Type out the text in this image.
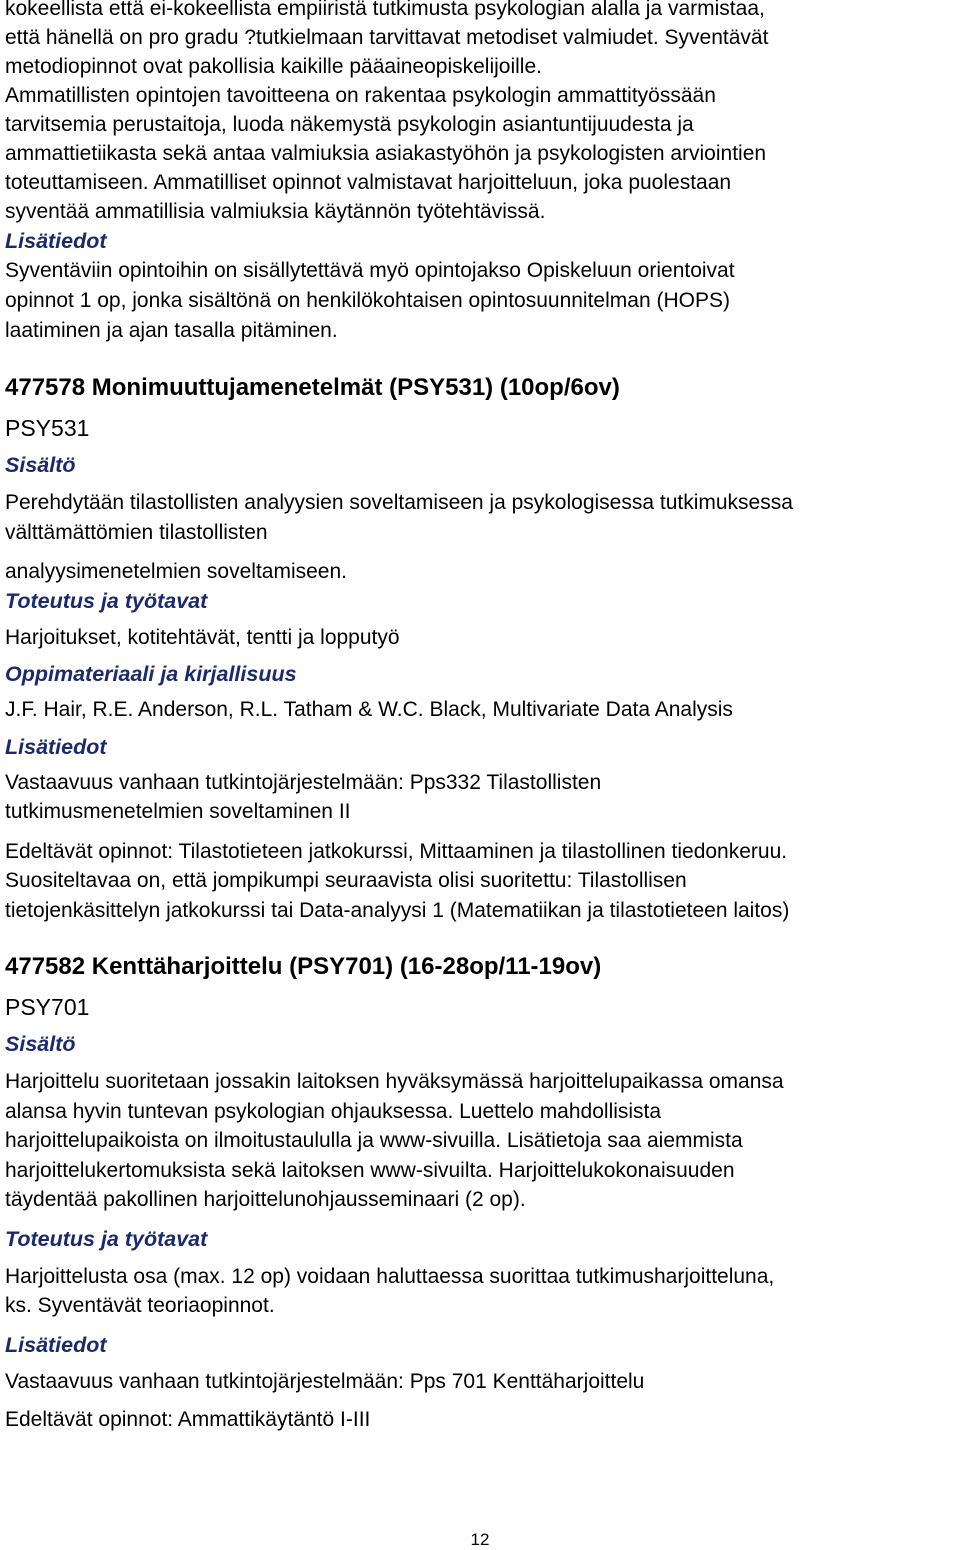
kokeellista että ei-kokeellista empiiristä tutkimusta psykologian alalla ja varmistaa,
että hänellä on pro gradu ?tutkielmaan tarvittavat metodiset valmiudet. Syventävät
metodiopinnot ovat pakollisia kaikille pääaineopiskelijoille.
Ammatillisten opintojen tavoitteena on rakentaa psykologin ammattityössään
tarvitsemia perustaitoja, luoda näkemystä psykologin asiantuntijuudesta ja
ammattietiikasta sekä antaa valmiuksia asiakastyöhön ja psykologisten arviointien
toteuttamiseen. Ammatilliset opinnot valmistavat harjoitteluun, joka puolestaan
syventää ammatillisia valmiuksia käytännön työtehtävissä.
Lisätiedot
Syventäviin opintoihin on sisällytettävä myö opintojakso Opiskeluun orientoivat
opinnot 1 op, jonka sisältönä on henkilökohtaisen opintosuunnitelman (HOPS)
laatiminen ja ajan tasalla pitäminen.
477578 Monimuuttujamenetelmät (PSY531) (10op/6ov)
PSY531
Sisältö
Perehdytään tilastollisten analyysien soveltamiseen ja psykologisessa tutkimuksessa
välttämättömien tilastollisten
analyysimenetelmien soveltamiseen.
Toteutus ja työtavat
Harjoitukset, kotitehtävät, tentti ja lopputyö
Oppimateriaali ja kirjallisuus
J.F. Hair, R.E. Anderson, R.L. Tatham & W.C. Black, Multivariate Data Analysis
Lisätiedot
Vastaavuus vanhaan tutkintojärjestelmään: Pps332 Tilastollisten
tutkimusmenetelmien soveltaminen II
Edeltävät opinnot: Tilastotieteen jatkokurssi, Mittaaminen ja tilastollinen tiedonkeruu.
Suositeltavaa on, että jompikumpi seuraavista olisi suoritettu: Tilastollisen
tietojenkäsittelyn jatkokurssi tai Data-analyysi 1 (Matematiikan ja tilastotieteen laitos)
477582 Kenttäharjoittelu (PSY701) (16-28op/11-19ov)
PSY701
Sisältö
Harjoittelu suoritetaan jossakin laitoksen hyväksymässä harjoittelupaikassa omansa
alansa hyvin tuntevan psykologian ohjauksessa. Luettelo mahdollisista
harjoittelupaikoista on ilmoitustaululla ja www-sivuilla. Lisätietoja saa aiemmista
harjoittelukertomuksista sekä laitoksen www-sivuilta. Harjoittelukokonaisuuden
täydentää pakollinen harjoittelunohjausseminaari (2 op).
Toteutus ja työtavat
Harjoittelusta osa (max. 12 op) voidaan haluttaessa suorittaa tutkimusharjoitteluna,
ks. Syventävät teoriaopinnot.
Lisätiedot
Vastaavuus vanhaan tutkintojärjestelmään: Pps 701 Kenttäharjoittelu
Edeltävät opinnot: Ammattikäytäntö I-III
12
